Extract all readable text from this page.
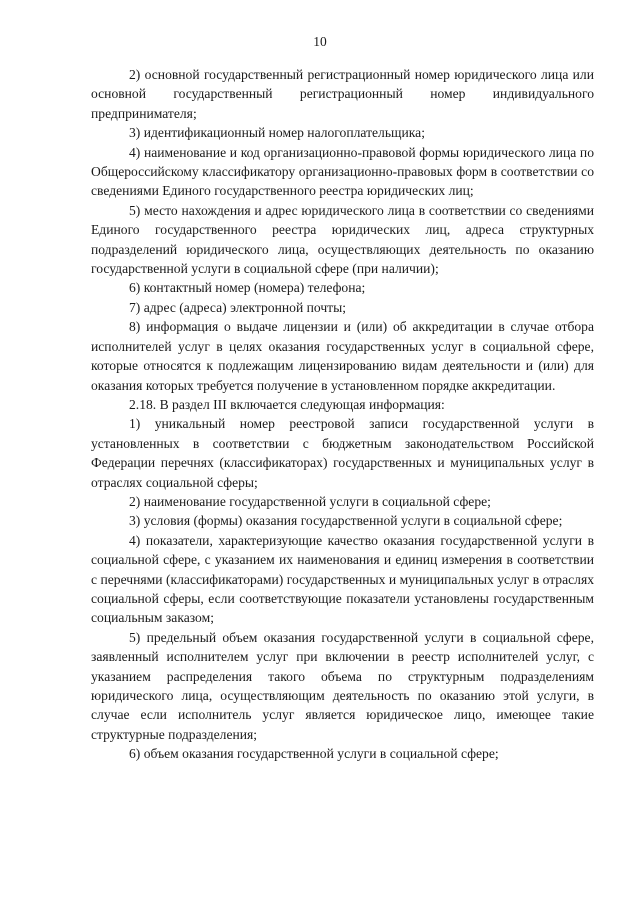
10

2) основной государственный регистрационный номер юридического лица или основной государственный регистрационный номер индивидуального предпринимателя;

3) идентификационный номер налогоплательщика;

4) наименование и код организационно-правовой формы юридического лица по Общероссийскому классификатору организационно-правовых форм в соответствии со сведениями Единого государственного реестра юридических лиц;

5) место нахождения и адрес юридического лица в соответствии со сведениями Единого государственного реестра юридических лиц, адреса структурных подразделений юридического лица, осуществляющих деятельность по оказанию государственной услуги в социальной сфере (при наличии);

6) контактный номер (номера) телефона;

7) адрес (адреса) электронной почты;

8) информация о выдаче лицензии и (или) об аккредитации в случае отбора исполнителей услуг в целях оказания государственных услуг в социальной сфере, которые относятся к подлежащим лицензированию видам деятельности и (или) для оказания которых требуется получение в установленном порядке аккредитации.

2.18. В раздел III включается следующая информация:

1) уникальный номер реестровой записи государственной услуги в установленных в соответствии с бюджетным законодательством Российской Федерации перечнях (классификаторах) государственных и муниципальных услуг в отраслях социальной сферы;

2) наименование государственной услуги в социальной сфере;

3) условия (формы) оказания государственной услуги в социальной сфере;

4) показатели, характеризующие качество оказания государственной услуги в социальной сфере, с указанием их наименования и единиц измерения в соответствии с перечнями (классификаторами) государственных и муниципальных услуг в отраслях социальной сферы, если соответствующие показатели установлены государственным социальным заказом;

5) предельный объем оказания государственной услуги в социальной сфере, заявленный исполнителем услуг при включении в реестр исполнителей услуг, с указанием распределения такого объема по структурным подразделениям юридического лица, осуществляющим деятельность по оказанию этой услуги, в случае если исполнитель услуг является юридическое лицо, имеющее такие структурные подразделения;

6) объем оказания государственной услуги в социальной сфере;
